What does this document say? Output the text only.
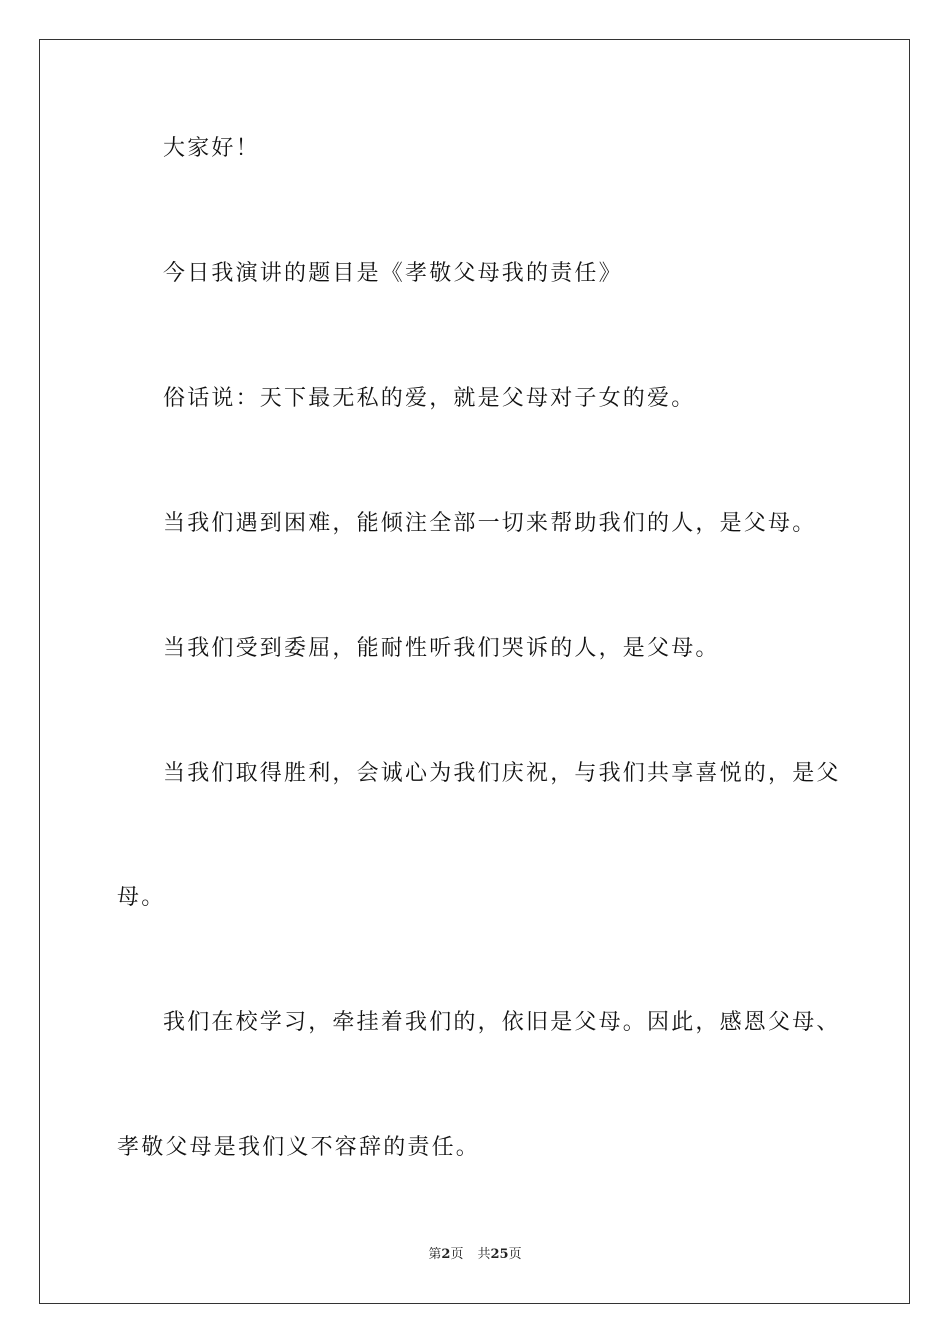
大家好！
今日我演讲的题目是《孝敬父母我的责任》
俗话说：天下最无私的爱，就是父母对子女的爱。
当我们遇到困难，能倾注全部一切来帮助我们的人，是父母。
当我们受到委屈，能耐性听我们哭诉的人，是父母。
当我们取得胜利，会诚心为我们庆祝，与我们共享喜悦的，是父
母。
我们在校学习，牵挂着我们的，依旧是父母。因此，感恩父母、
孝敬父母是我们义不容辞的责任。
第2页 共25页
